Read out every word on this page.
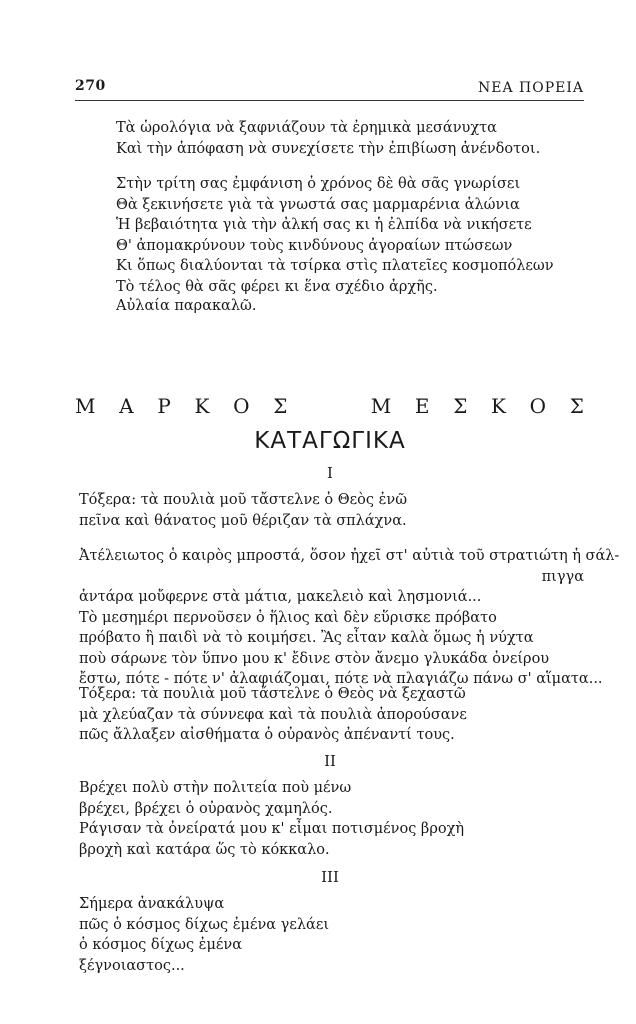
270	ΝΕΑ ΠΟΡΕΙΑ
Τὰ ὡρολόγια νὰ ξαφνιάζουν τὰ ἐρημικὰ μεσάνυχτα
Καὶ τὴν ἀπόφαση νὰ συνεχίσετε τὴν ἐπιβίωση ἀνένδοτοι.
Στὴν τρίτη σας ἐμφάνιση ὁ χρόνος δὲ θὰ σᾶς γνωρίσει
Θὰ ξεκινήσετε γιὰ τὰ γνωστά σας μαρμαρένια ἁλώνια
Ἡ βεβαιότητα γιὰ τὴν ἀλκή σας κι ἡ ἐλπίδα νὰ νικήσετε
Θ' ἀπομακρύνουν τοὺς κινδύνους ἀγοραίων πτώσεων
Κι ὅπως διαλύονται τὰ τσίρκα στὶς πλατεῖες κοσμοπόλεων
Τὸ τέλος θὰ σᾶς φέρει κι ἕνα σχέδιο ἀρχῆς.
Αὐλαία παρακαλῶ.
Μ Α Ρ Κ Ο Σ	Μ Ε Σ Κ Ο Σ
ΚΑΤΑΓΩΓΙΚΑ
I
Τόξερα: τὰ πουλιὰ μοῦ τἄστελνε ὁ Θεὸς ἐνῶ
πεῖνα καὶ θάνατος μοῦ θέριζαν τὰ σπλάχνα.
Ἀτέλειωτος ὁ καιρὸς μπροστά, ὅσον ἠχεῖ στ' αὐτιὰ τοῦ στρατιώτη ἡ σάλ-
πιγγα
ἀντάρα μοὔφερνε στὰ μάτια, μακελειὸ καὶ λησμονιά...
Τὸ μεσημέρι περνοῦσεν ὁ ἥλιος καὶ δὲν εὕρισκε πρόβατο
πρόβατο ἢ παιδὶ νὰ τὸ κοιμήσει. Ἂς εἶταν καλὰ ὅμως ἡ νύχτα
ποὺ σάρωνε τὸν ὕπνο μου κ' ἔδινε στὸν ἄνεμο γλυκάδα ὀνείρου
ἔστω, πότε - πότε ν' ἀλαφιάζομαι, πότε νὰ πλαγιάζω πάνω σ' αἵματα...
Τόξερα: τὰ πουλιὰ μοῦ τἄστελνε ὁ Θεὸς νὰ ξεχαστῶ
μὰ χλεύαζαν τὰ σύννεφα καὶ τὰ πουλιὰ ἀπορούσανε
πῶς ἄλλαξεν αἰσθήματα ὁ οὐρανὸς ἀπέναντί τους.
II
Βρέχει πολὺ στὴν πολιτεία ποὺ μένω
βρέχει, βρέχει ὁ οὐρανὸς χαμηλός.
Ράγισαν τὰ ὀνείρατά μου κ' εἶμαι ποτισμένος βροχὴ
βροχὴ καὶ κατάρα ὥς τὸ κόκκαλο.
III
Σήμερα ἀνακάλυψα
πῶς ὁ κόσμος δίχως ἐμένα γελάει
ὁ κόσμος δίχως ἐμένα
ξέγνοιαστος...
